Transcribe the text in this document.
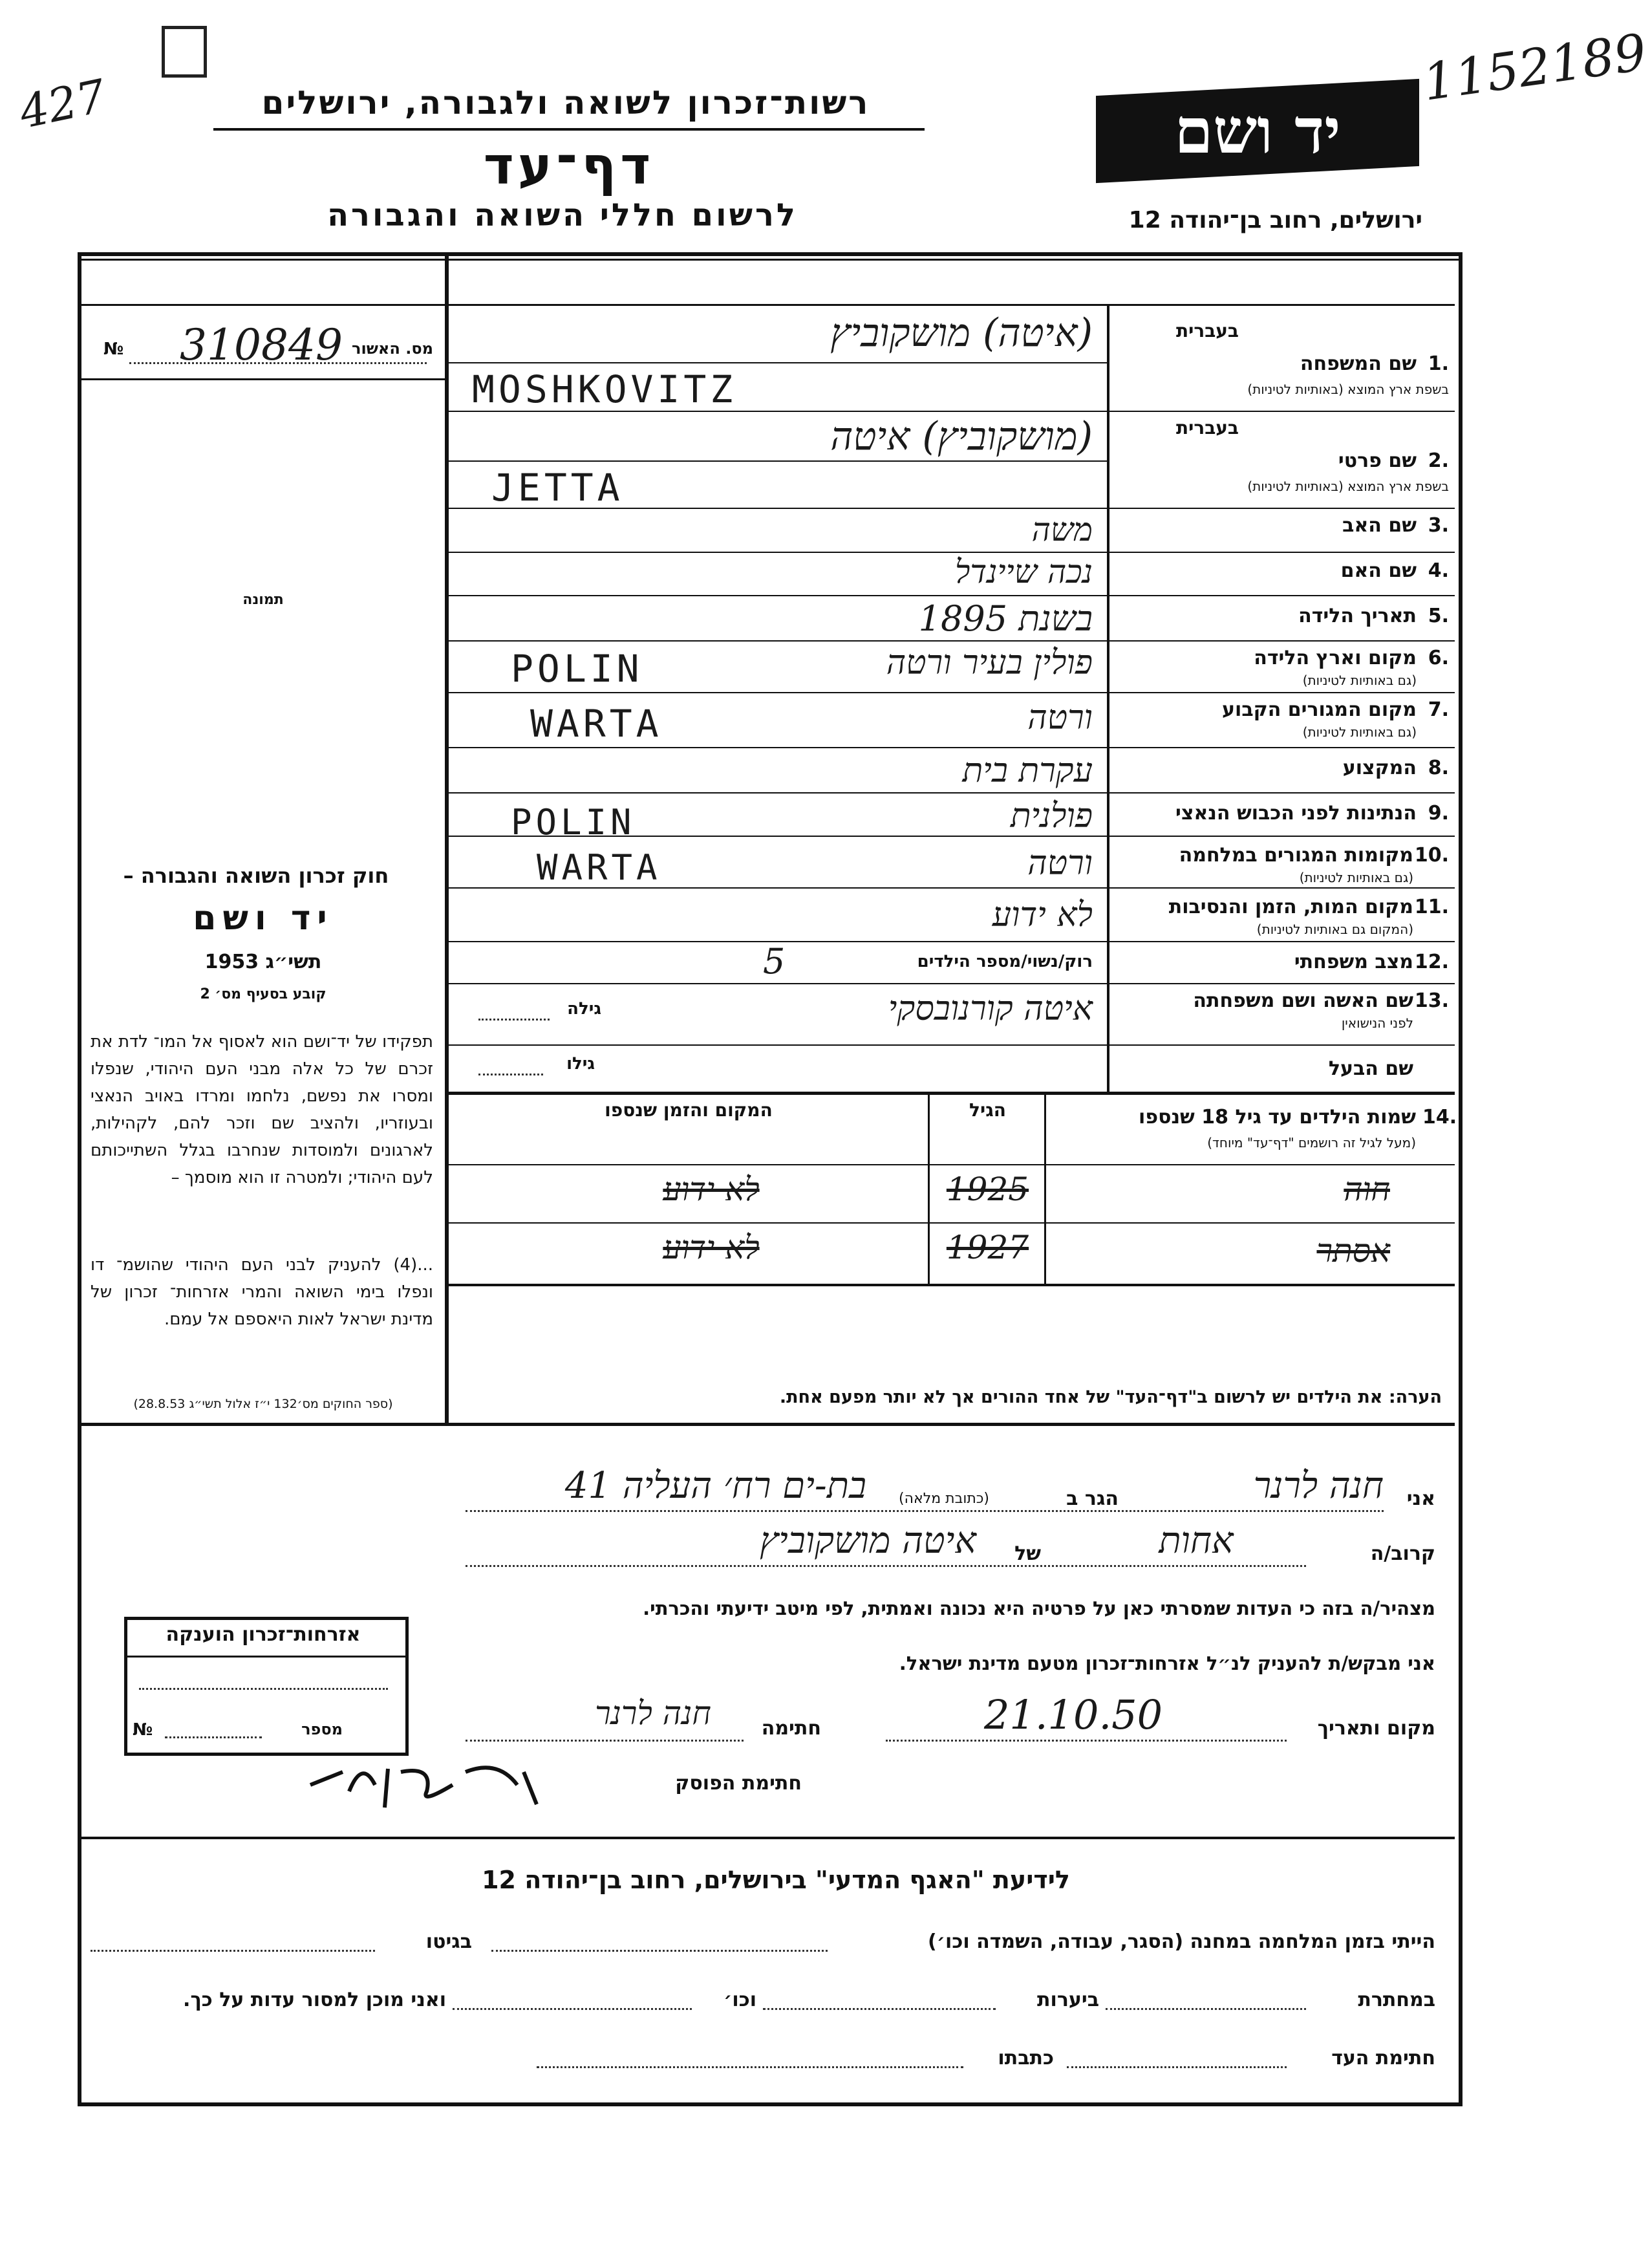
427	1152189
רשות־זכרון לשואה ולגבורה, ירושלים
דף־עד
לרשום חללי השואה והגבורה
יד ושם
ירושלים, רחוב בן־יהודה 12
מס. האשור
310849
№
תמונה
חוק זכרון השואה והגבורה –
יד ושם
תשי״ג 1953
קובע בסעיף מס׳ 2
תפקידו של יד־ושם הוא לאסוף אל המו־ לדת את זכרם של כל אלה מבני העם היהודי, שנפלו ומסרו את נפשם, נלחמו ומרדו באויב הנאצי ובעוזריו, ולהציב שם וזכר להם, לקהילות, לארגונים ולמוסדות שנחרבו בגלל השתייכותם לעם היהודי; ולמטרה זו הוא מוסמך –
...(4) להעניק לבני העם היהודי שהושמ־ דו ונפלו בימי השואה והמרי אזרחות־ זכרון של מדינת ישראל לאות היאספם אל עמם.
(ספר החוקים מס׳132 י״ז אלול תשי״ג 28.8.53)
בעברית
1.
שם המשפחה
בשפת ארץ המוצא (באותיות לטיניות)
בעברית
2.
שם פרטי
בשפת ארץ המוצא (באותיות לטיניות)
3.
שם האב
4.
שם האם
5.
תאריך הלידה
6.
מקום וארץ הלידה
(גם באותיות לטיניות)
7.
מקום המגורים הקבוע
(גם באותיות לטיניות)
8.
המקצוע
9.
הנתינות לפני הכבוש הנאצי
10.
מקומות המגורים במלחמה
(גם באותיות לטיניות)
11.
מקום המות, הזמן והנסיבות
(המקום גם באותיות לטיניות)
12.
מצב משפחתי
13.
שם האשה ושם משפחתה
לפני הנישואין
שם הבעל
(איטה) מושקוביץ
MOSHKOVITZ
(מושקוביץ) איטה
JETTA
משה
נכה שיינדל
בשנת 1895
פולין בעיר ורטה
POLIN
ורטה
WARTA
עקרת בית
פולנית
POLIN
ורטה
WARTA
לא ידוע
רוק/נשוי/מספר הילדים
5
איטה קורנובסקי
גילה
גילו
14.
שמות הילדים עד גיל 18 שנספו
(מעל לגיל זה רושמים "דף־עד" מיוחד)
הגיל
המקום והזמן שנספו
חוה
1925
לא ידוע
אסתר
1927
לא ידוע
הערה: את הילדים יש לרשום ב"דף־העד" של אחד ההורים אך לא יותר מפעם אחת.
אני
חנה לרנר
הגר ב
(כתובת מלאה)
בת-ים רח׳ העליה 41
קרוב/ה
אחות
של
איטה מושקוביץ
מצהיר/ה בזה כי העדות שמסרתי כאן על פרטיה היא נכונה ואמתית, לפי מיטב ידיעתי והכרתי.
אני מבקש/ת להעניק לנ״ל אזרחות־זכרון מטעם מדינת ישראל.
מקום ותאריך
21.10.50
חתימה
חנה לרנר
חתימת הפוסק
אזרחות־זכרון הוענקה
מספר
№
לידיעת "האגף המדעי" בירושלים, רחוב בן־יהודה 12
הייתי בזמן המלחמה במחנה (הסגר, עבודה, השמדה וכו׳)
בגיטו
במחתרת
ביערות
וכו׳
ואני מוכן למסור עדות על כך.
חתימת העד
כתבתו
